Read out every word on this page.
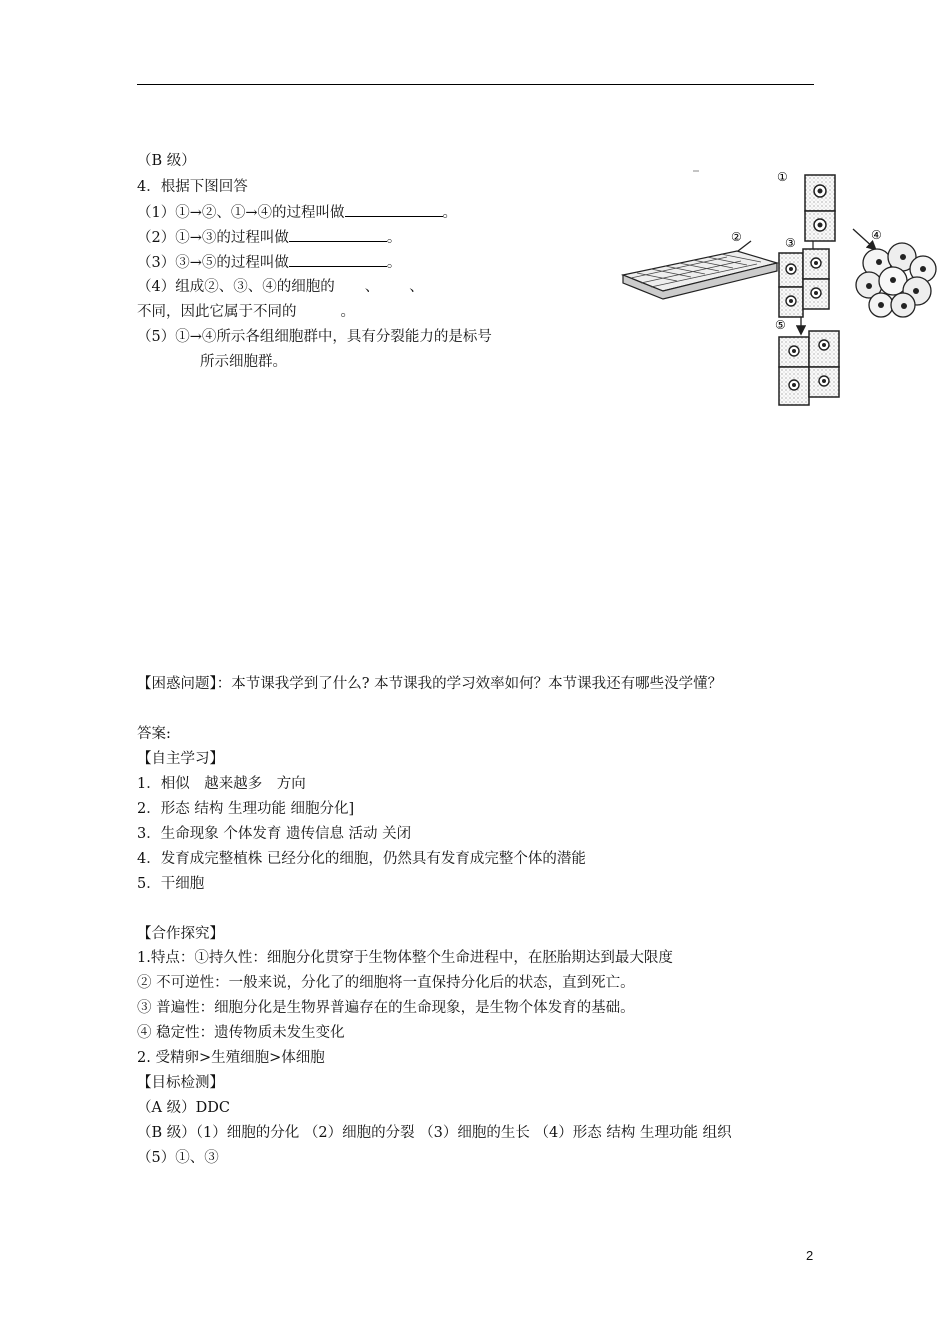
（B 级）
4．根据下图回答
（1）①→②、①→④的过程叫做	。
（2）①→③的过程叫做	。
（3）③→⑤的过程叫做	。
（4）组成②、③、④的细胞的 、 、
不同，因此它属于不同的	。
（5）①→④所示各组细胞群中，具有分裂能力的是标号
所示细胞群。
①
②	④
③
⑤
【困惑问题】：本节课我学到了什么? 本节课我的学习效率如何？本节课我还有哪些没学懂？
答案:
【自主学习】
1．相似　越来越多　方向
2．形态 结构 生理功能 细胞分化]
3．生命现象 个体发育 遗传信息 活动 关闭
4．发育成完整植株 已经分化的细胞，仍然具有发育成完整个体的潜能
5．干细胞
【合作探究】
1.特点：①持久性：细胞分化贯穿于生物体整个生命进程中，在胚胎期达到最大限度
② 不可逆性：一般来说，分化了的细胞将一直保持分化后的状态，直到死亡。
③ 普遍性：细胞分化是生物界普遍存在的生命现象，是生物个体发育的基础。
④ 稳定性：遗传物质未发生变化
2. 受精卵>生殖细胞>体细胞
【目标检测】
（A 级）DDC
（B 级）（1）细胞的分化 （2）细胞的分裂 （3）细胞的生长 （4）形态 结构 生理功能 组织
（5）①、③
2
